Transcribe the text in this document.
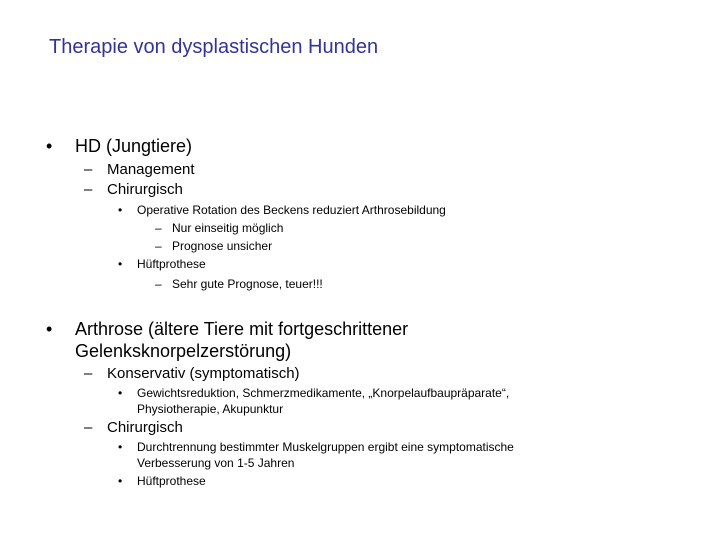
Therapie von dysplastischen Hunden
• HD (Jungtiere)
– Management
– Chirurgisch
• Operative Rotation des Beckens reduziert Arthrosebildung
– Nur einseitig möglich
– Prognose unsicher
• Hüftprothese
– Sehr gute Prognose, teuer!!!
• Arthrose (ältere Tiere mit fortgeschrittener
Gelenksknorpelzerstörung)
– Konservativ (symptomatisch)
• Gewichtsreduktion, Schmerzmedikamente, „Knorpelaufbaupräparate“,
Physiotherapie, Akupunktur
– Chirurgisch
• Durchtrennung bestimmter Muskelgruppen ergibt eine symptomatische
Verbesserung von 1-5 Jahren
• Hüftprothese
